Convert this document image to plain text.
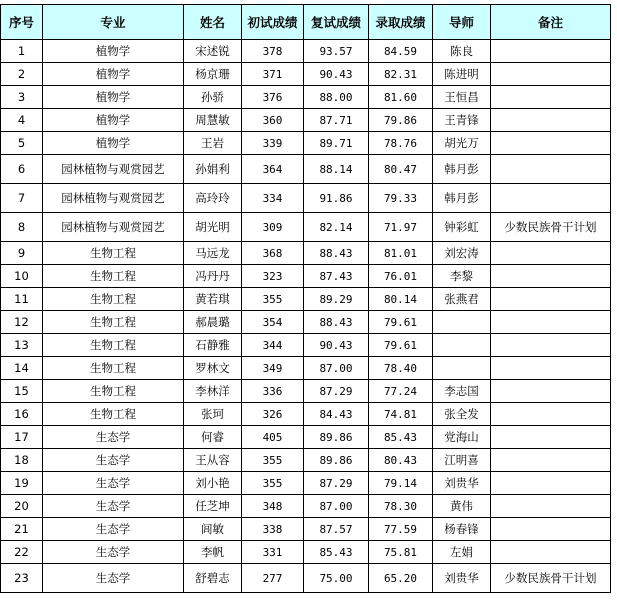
序号	专业	姓名	初试成绩	复试成绩	录取成绩	导师	备注
1	植物学	宋述锐	378	93.57	84.59	陈良	
2	植物学	杨京珊	371	90.43	82.31	陈进明	
3	植物学	孙骄	376	88.00	81.60	王恒昌	
4	植物学	周慧敏	360	87.71	79.86	王青锋	
5	植物学	王岩	339	89.71	78.76	胡光万	
6	园林植物与观赏园艺	孙娟利	364	88.14	80.47	韩月彭	
7	园林植物与观赏园艺	高玲玲	334	91.86	79.33	韩月彭	
8	园林植物与观赏园艺	胡光明	309	82.14	71.97	钟彩虹	少数民族骨干计划
9	生物工程	马远龙	368	88.43	81.01	刘宏涛	
10	生物工程	冯丹丹	323	87.43	76.01	李黎	
11	生物工程	黄若琪	355	89.29	80.14	张燕君	
12	生物工程	郝晨璐	354	88.43	79.61		
13	生物工程	石静雅	344	90.43	79.61		
14	生物工程	罗林文	349	87.00	78.40		
15	生物工程	李林洋	336	87.29	77.24	李志国	
16	生物工程	张珂	326	84.43	74.81	张全发	
17	生态学	何睿	405	89.86	85.43	党海山	
18	生态学	王从容	355	89.86	80.43	江明喜	
19	生态学	刘小艳	355	87.29	79.14	刘贵华	
20	生态学	任芝坤	348	87.00	78.30	黄伟	
21	生态学	闾敏	338	87.57	77.59	杨春锋	
22	生态学	李帆	331	85.43	75.81	左娟	
23	生态学	舒碧志	277	75.00	65.20	刘贵华	少数民族骨干计划
